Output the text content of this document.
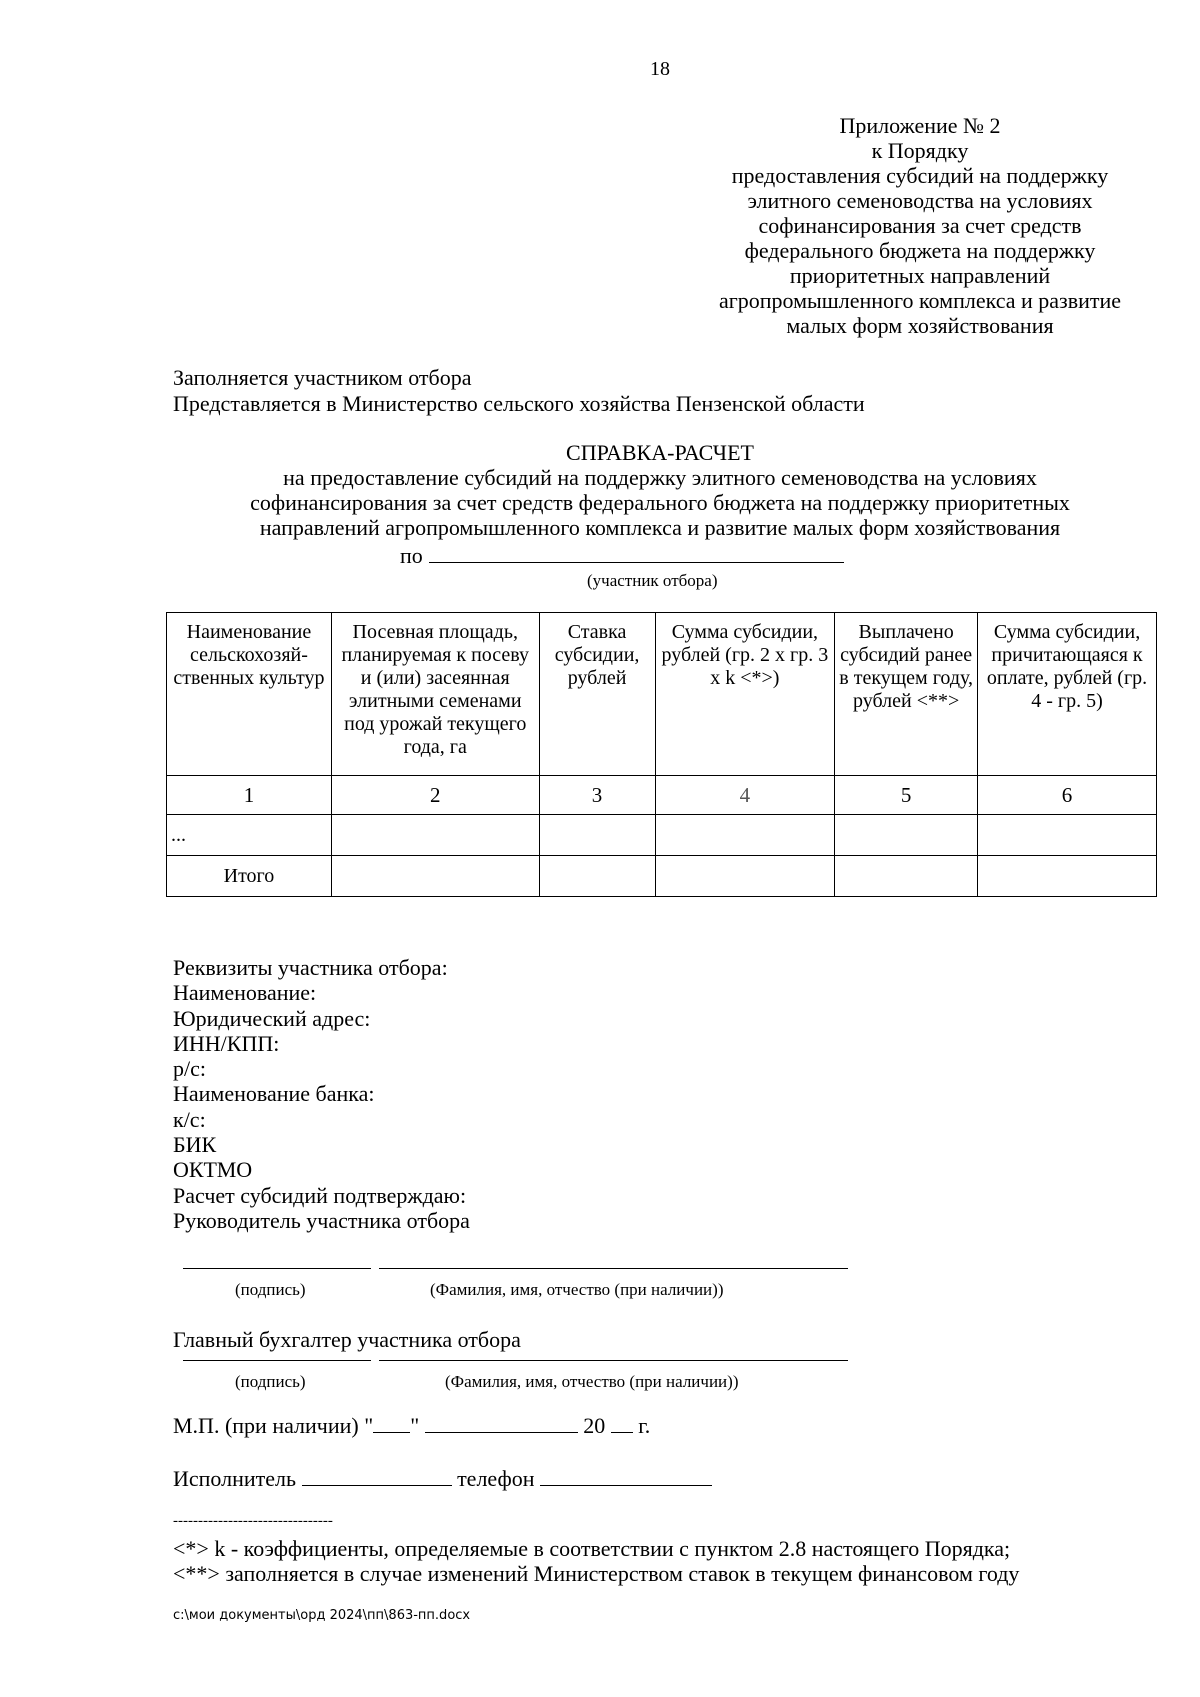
18
Приложение № 2
к Порядку
предоставления субсидий на поддержку
элитного семеноводства на условиях
софинансирования за счет средств
федерального бюджета на поддержку
приоритетных направлений
агропромышленного комплекса и развитие
малых форм хозяйствования
Заполняется участником отбора
Представляется в Министерство сельского хозяйства Пензенской области
СПРАВКА-РАСЧЕТ
на предоставление субсидий на поддержку элитного семеноводства на условиях
софинансирования за счет средств федерального бюджета на поддержку приоритетных
направлений агропромышленного комплекса и развитие малых форм хозяйствования
по
(участник отбора)
Наименование сельскохозяй-ственных культур	Посевная площадь, планируемая к посеву и (или) засеянная элитными семенами под урожай текущего года, га	Ставка субсидии, рублей	Сумма субсидии, рублей (гр. 2 x гр. 3 x k <*>)	Выплачено субсидий ранее в текущем году, рублей <**>	Сумма субсидии, причитающаяся к оплате, рублей (гр. 4 - гр. 5)
1	2	3	4	5	6
...					
Итого					
Реквизиты участника отбора:
Наименование:
Юридический адрес:
ИНН/КПП:
р/с:
Наименование банка:
к/с:
БИК
ОКТМО
Расчет субсидий подтверждаю:
Руководитель участника отбора
(подпись)	(Фамилия, имя, отчество (при наличии))
Главный бухгалтер участника отбора
(подпись)	(Фамилия, имя, отчество (при наличии))
М.П. (при наличии) " "	20 г.
Исполнитель	телефон
--------------------------------
<*> k - коэффициенты, определяемые в соответствии с пунктом 2.8 настоящего Порядка;
<**> заполняется в случае изменений Министерством ставок в текущем финансовом году
c:\мои документы\орд 2024\пп\863-пп.docx
